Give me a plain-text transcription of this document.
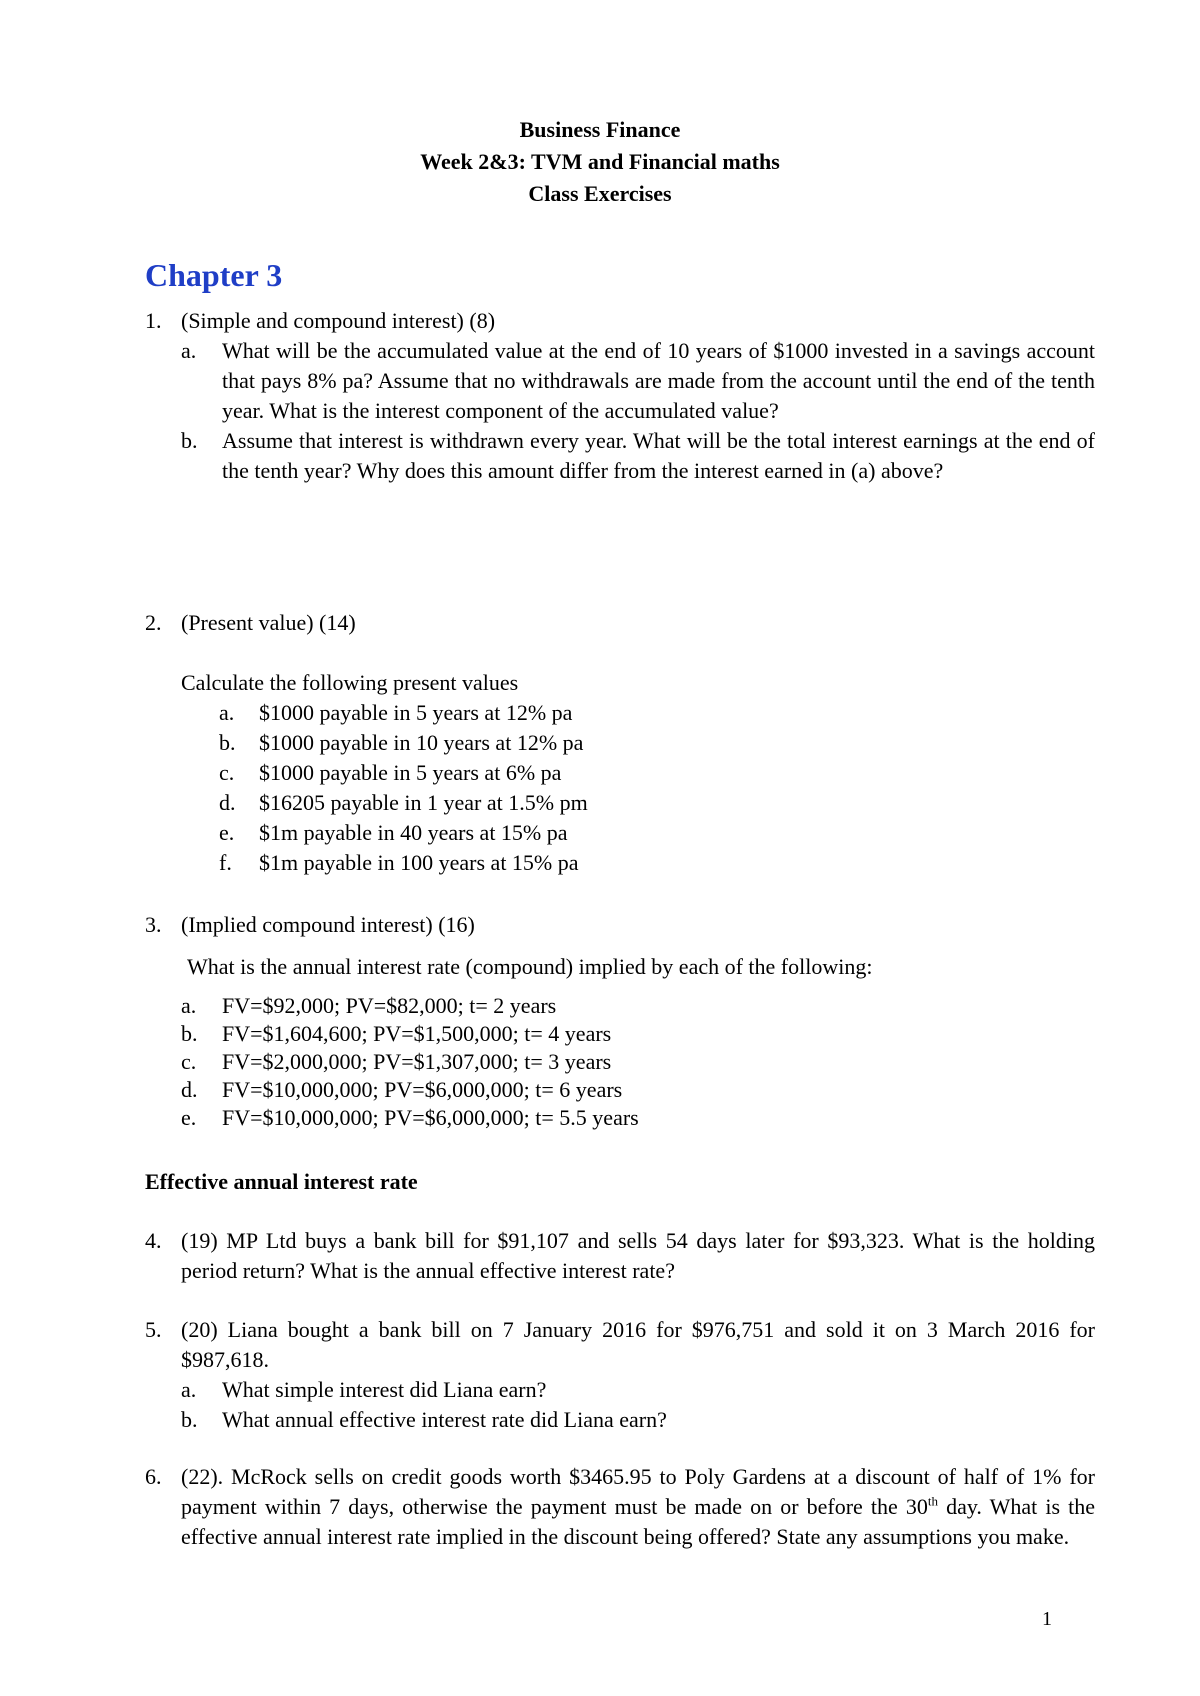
Business Finance
Week 2&3: TVM and Financial maths
Class Exercises
Chapter 3
1. (Simple and compound interest) (8)
a. What will be the accumulated value at the end of 10 years of $1000 invested in a savings account that pays 8% pa? Assume that no withdrawals are made from the account until the end of the tenth year. What is the interest component of the accumulated value?
b. Assume that interest is withdrawn every year. What will be the total interest earnings at the end of the tenth year? Why does this amount differ from the interest earned in (a) above?
2. (Present value) (14)
Calculate the following present values
a. $1000 payable in 5 years at 12% pa
b. $1000 payable in 10 years at 12% pa
c. $1000 payable in 5 years at 6% pa
d. $16205 payable in 1 year at 1.5% pm
e. $1m payable in 40 years at 15% pa
f. $1m payable in 100 years at 15% pa
3. (Implied compound interest) (16)
What is the annual interest rate (compound) implied by each of the following:
a. FV=$92,000; PV=$82,000; t= 2 years
b. FV=$1,604,600; PV=$1,500,000; t= 4 years
c. FV=$2,000,000; PV=$1,307,000; t= 3 years
d. FV=$10,000,000; PV=$6,000,000; t= 6 years
e. FV=$10,000,000; PV=$6,000,000; t= 5.5 years
Effective annual interest rate
4. (19) MP Ltd buys a bank bill for $91,107 and sells 54 days later for $93,323. What is the holding period return? What is the annual effective interest rate?
5. (20) Liana bought a bank bill on 7 January 2016 for $976,751 and sold it on 3 March 2016 for $987,618.
a. What simple interest did Liana earn?
b. What annual effective interest rate did Liana earn?
6. (22). McRock sells on credit goods worth $3465.95 to Poly Gardens at a discount of half of 1% for payment within 7 days, otherwise the payment must be made on or before the 30th day. What is the effective annual interest rate implied in the discount being offered? State any assumptions you make.
1
